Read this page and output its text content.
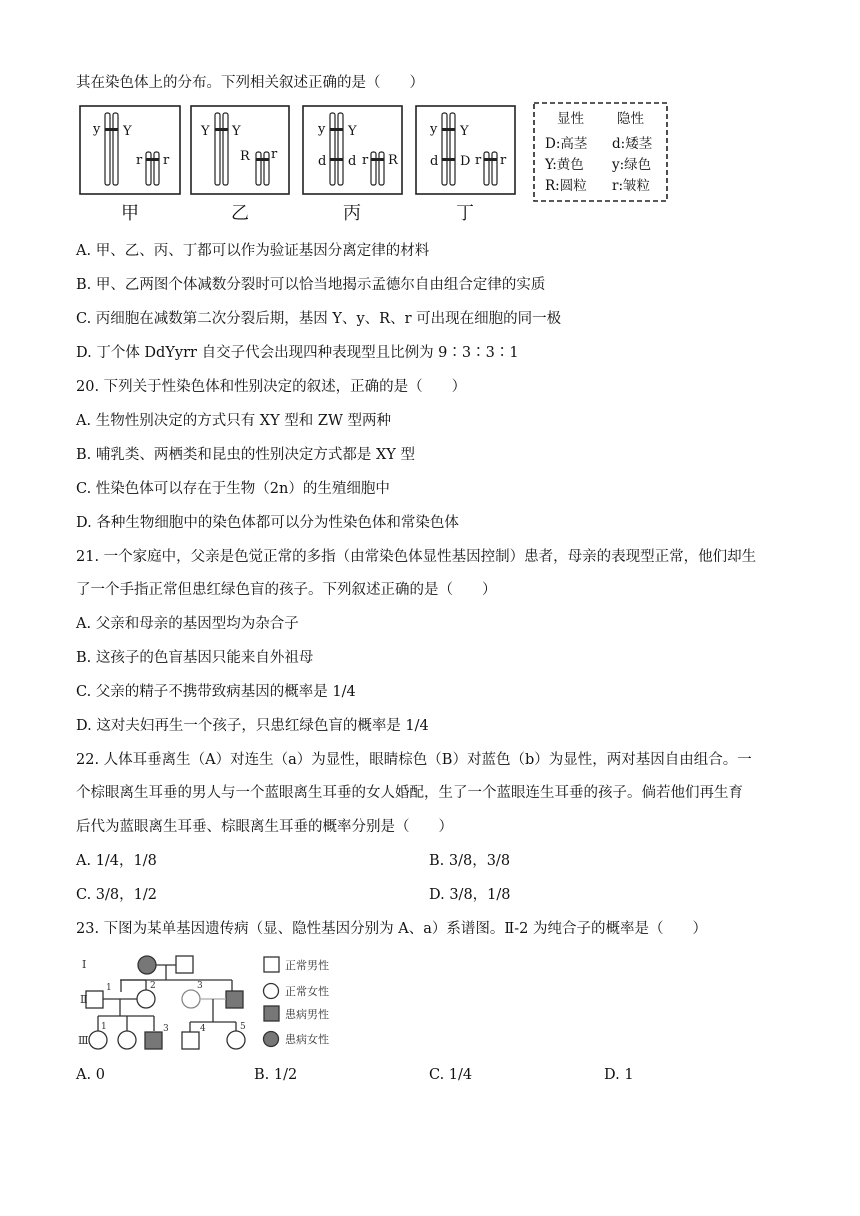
其在染色体上的分布。下列相关叙述正确的是（　　）
y Y
r r
Y Y
R r
y Y
d d r R
y Y
d D r r
甲	乙	丙	丁
显性 隐性
D:高茎 d:矮茎
Y:黄色 y:绿色
R:圆粒 r:皱粒
A. 甲、乙、丙、丁都可以作为验证基因分离定律的材料
B. 甲、乙两图个体减数分裂时可以恰当地揭示孟德尔自由组合定律的实质
C. 丙细胞在减数第二次分裂后期，基因 Y、y、R、r 可出现在细胞的同一极
D. 丁个体 DdYyrr 自交子代会出现四种表现型且比例为 9∶3∶3∶1
20. 下列关于性染色体和性别决定的叙述，正确的是（　　）
A. 生物性别决定的方式只有 XY 型和 ZW 型两种
B. 哺乳类、两栖类和昆虫的性别决定方式都是 XY 型
C. 性染色体可以存在于生物（2n）的生殖细胞中
D. 各种生物细胞中的染色体都可以分为性染色体和常染色体
21. 一个家庭中，父亲是色觉正常的多指（由常染色体显性基因控制）患者，母亲的表现型正常，他们却生
了一个手指正常但患红绿色盲的孩子。下列叙述正确的是（　　）
A. 父亲和母亲的基因型均为杂合子
B. 这孩子的色盲基因只能来自外祖母
C. 父亲的精子不携带致病基因的概率是 1/4
D. 这对夫妇再生一个孩子，只患红绿色盲的概率是 1/4
22. 人体耳垂离生（A）对连生（a）为显性，眼睛棕色（B）对蓝色（b）为显性，两对基因自由组合。一
个棕眼离生耳垂的男人与一个蓝眼离生耳垂的女人婚配，生了一个蓝眼连生耳垂的孩子。倘若他们再生育
后代为蓝眼离生耳垂、棕眼离生耳垂的概率分别是（　　）
A. 1/4，1/8	B. 3/8，3/8
C. 3/8，1/2	D. 3/8，1/8
23. 下图为某单基因遗传病（显、隐性基因分别为 A、a）系谱图。Ⅱ-2 为纯合子的概率是（　　）
Ⅰ
Ⅱ
Ⅲ
1	2	3
1	3	4	5
正常男性
正常女性
患病男性
患病女性
A. 0	B. 1/2	C. 1/4	D. 1
